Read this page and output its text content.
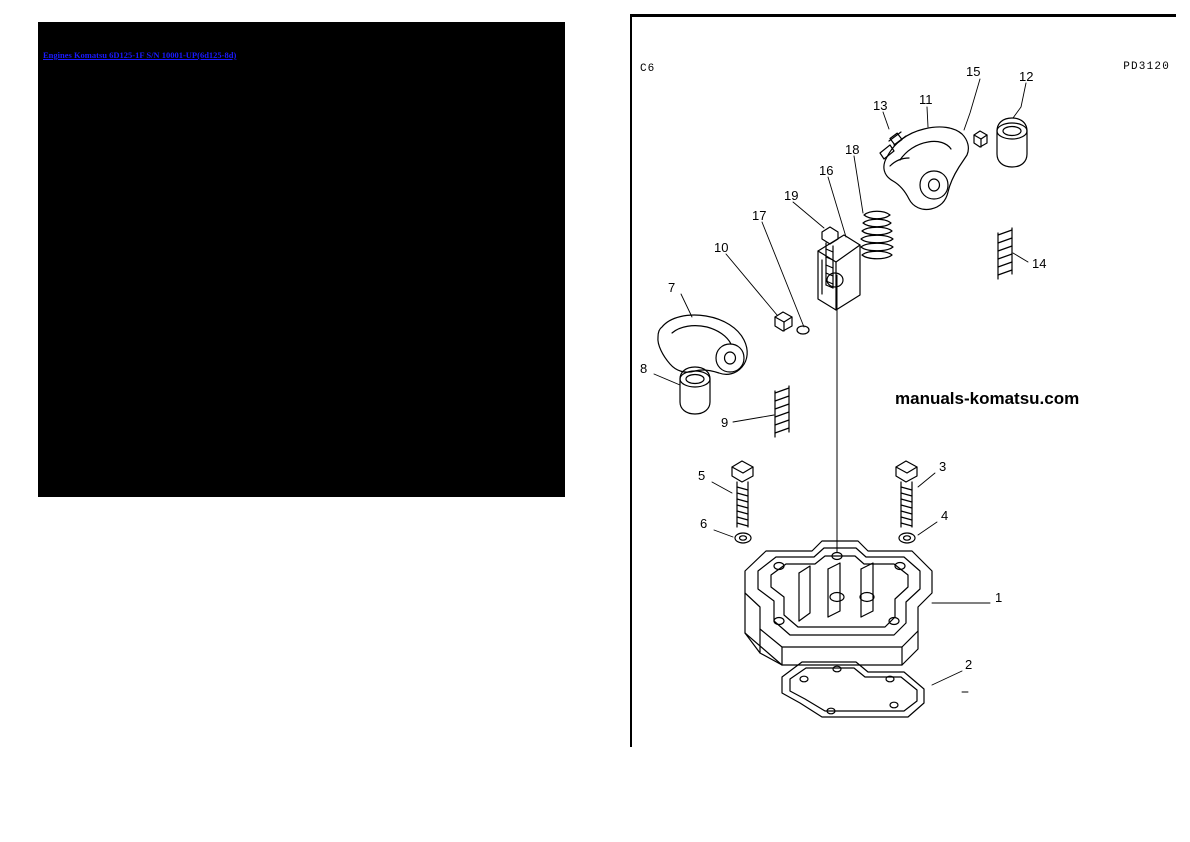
Engines Komatsu 6D125-1F S/N 10001-UP(6d125-8d)
C6	PD3120
manuals-komatsu.com
15	12
13 11
18
16
19
17
14
10
7
8
9
5
3
6
4
1
2
